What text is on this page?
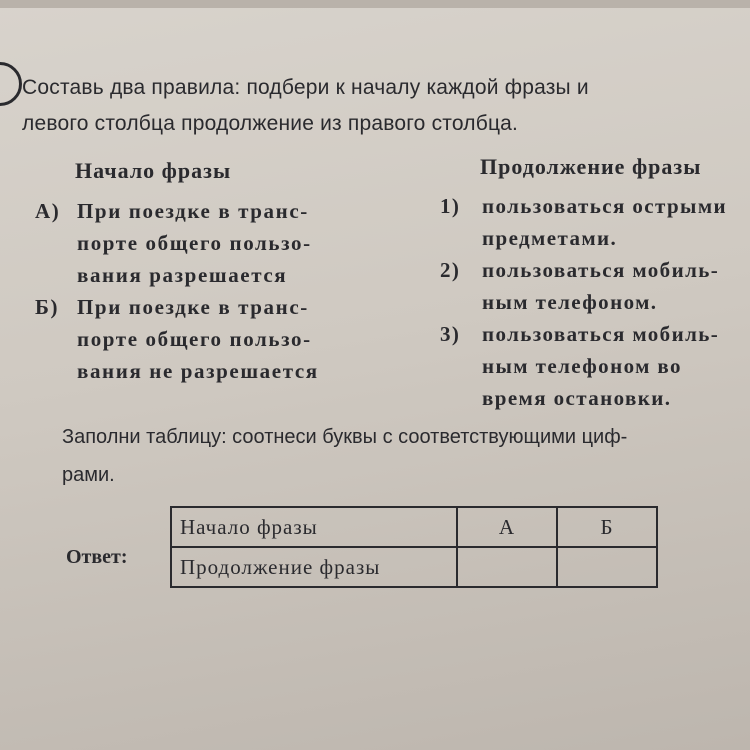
Составь два правила: подбери к началу каждой фразы и
левого столбца продолжение из правого столбца.
Начало фразы	Продолжение фразы
А) При поездке в транс-
порте общего пользо-
вания разрешается
Б) При поездке в транс-
порте общего пользо-
вания не разрешается
1)	пользоваться острыми
предметами.
2)	пользоваться мобиль-
ным телефоном.
3)	пользоваться мобиль-
ным телефоном во
время остановки.
Заполни таблицу: соотнеси буквы с соответствующими циф-
рами.
Ответ:
Начало фразы	А	Б
Продолжение фразы		
